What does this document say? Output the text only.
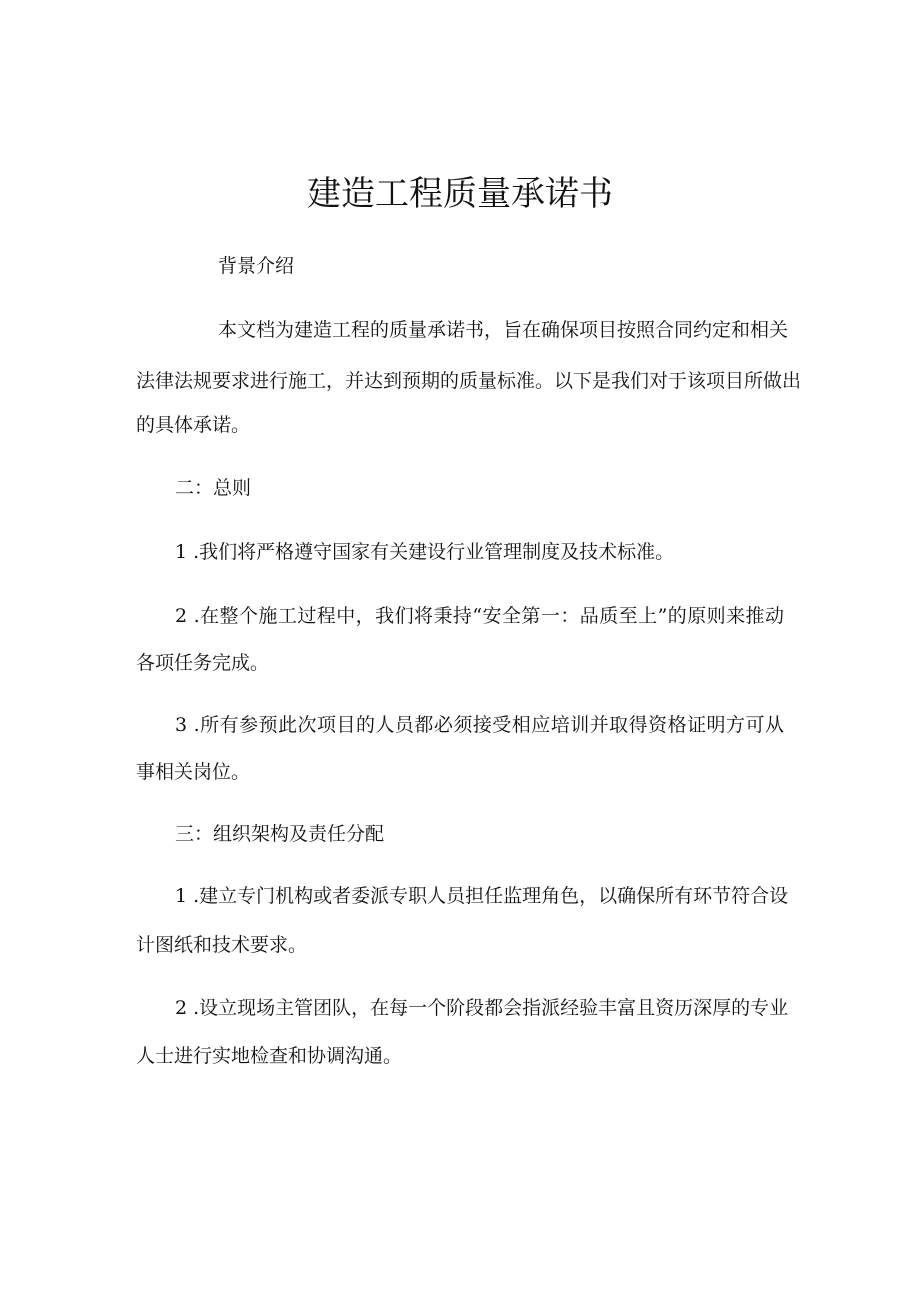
建造工程质量承诺书

背景介绍

本文档为建造工程的质量承诺书，旨在确保项目按照合同约定和相关

法律法规要求进行施工，并达到预期的质量标准。以下是我们对于该项目所做出

的具体承诺。

二：总则

1 .我们将严格遵守国家有关建设行业管理制度及技术标准。

2 .在整个施工过程中，我们将秉持“安全第一：品质至上”的原则来推动

各项任务完成。

3 .所有参预此次项目的人员都必须接受相应培训并取得资格证明方可从

事相关岗位。

三：组织架构及责任分配

1 .建立专门机构或者委派专职人员担任监理角色，以确保所有环节符合设

计图纸和技术要求。

2 .设立现场主管团队，在每一个阶段都会指派经验丰富且资历深厚的专业

人士进行实地检查和协调沟通。
